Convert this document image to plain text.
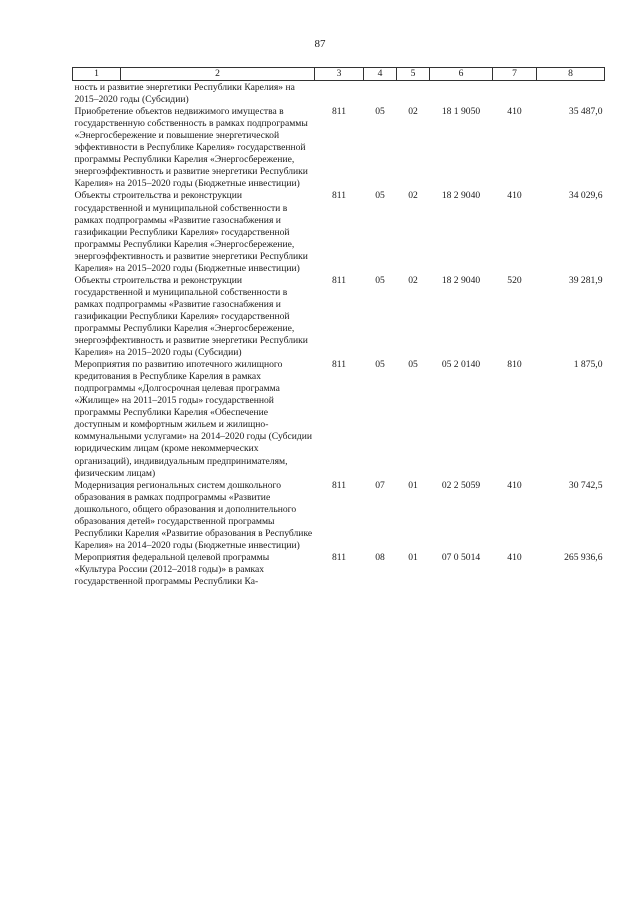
87
1	2	3	4	5	6	7	8
ность и развитие энергетики Республики Карелия» на 2015–2020 годы (Субсидии)							
Приобретение объектов недвижимого имущества в государственную собственность в рамках подпрограммы «Энергосбережение и повышение энергетической эффективности в Республике Карелия» государственной программы Республики Карелия «Энергосбережение, энергоэффективность и развитие энергетики Республики Карелия» на 2015–2020 годы (Бюджетные инвестиции)		811	05	02	18 1 9050	410	35 487,0
Объекты строительства и реконструкции государственной и муниципальной собственности в рамках подпрограммы «Развитие газоснабжения и газификации Республики Карелия» государственной программы Республики Карелия «Энергосбережение, энергоэффективность и развитие энергетики Республики Карелия» на 2015–2020 годы (Бюджетные инвестиции)		811	05	02	18 2 9040	410	34 029,6
Объекты строительства и реконструкции государственной и муниципальной собственности в рамках подпрограммы «Развитие газоснабжения и газификации Республики Карелия» государственной программы Республики Карелия «Энергосбережение, энергоэффективность и развитие энергетики Республики Карелия» на 2015–2020 годы (Субсидии)		811	05	02	18 2 9040	520	39 281,9
Мероприятия по развитию ипотечного жилищного кредитования в Республике Карелия в рамках подпрограммы «Долгосрочная целевая программа «Жилище» на 2011–2015 годы» государственной программы Республики Карелия «Обеспечение доступным и комфортным жильем и жилищно-коммунальными услугами» на 2014–2020 годы (Субсидии юридическим лицам (кроме некоммерческих организаций), индивидуальным предпринимателям, физическим лицам)		811	05	05	05 2 0140	810	1 875,0
Модернизация региональных систем дошкольного образования в рамках подпрограммы «Развитие дошкольного, общего образования и дополнительного образования детей» государственной программы Республики Карелия «Развитие образования в Республике Карелия» на 2014–2020 годы (Бюджетные инвестиции)		811	07	01	02 2 5059	410	30 742,5
Мероприятия федеральной целевой программы «Культура России (2012–2018 годы)» в рамках государственной программы Республики Ка-		811	08	01	07 0 5014	410	265 936,6
